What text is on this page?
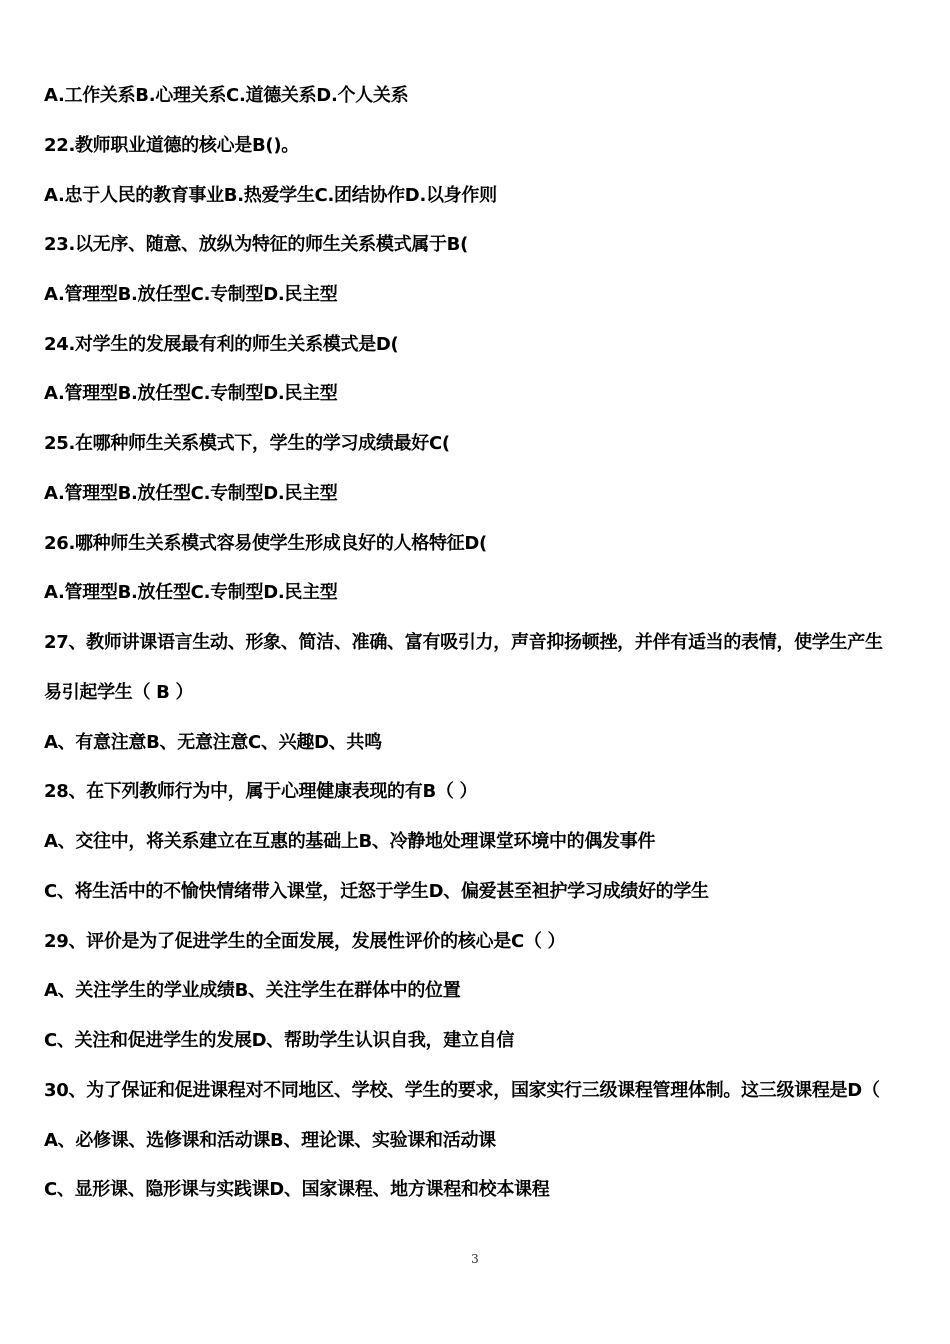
A.工作关系B.心理关系C.道德关系D.个人关系
22.教师职业道德的核心是B()。
A.忠于人民的教育事业B.热爱学生C.团结协作D.以身作则
23.以无序、随意、放纵为特征的师生关系模式属于B(
A.管理型B.放任型C.专制型D.民主型
24.对学生的发展最有利的师生关系模式是D(
A.管理型B.放任型C.专制型D.民主型
25.在哪种师生关系模式下，学生的学习成绩最好C(
A.管理型B.放任型C.专制型D.民主型
26.哪种师生关系模式容易使学生形成良好的人格特征D(
A.管理型B.放任型C.专制型D.民主型
27、教师讲课语言生动、形象、简洁、准确、富有吸引力，声音抑扬顿挫，并伴有适当的表情，使学生产生
易引起学生（ B ）
A、有意注意B、无意注意C、兴趣D、共鸣
28、在下列教师行为中，属于心理健康表现的有B（ ）
A、交往中，将关系建立在互惠的基础上B、冷静地处理课堂环境中的偶发事件
C、将生活中的不愉快情绪带入课堂，迁怒于学生D、偏爱甚至袒护学习成绩好的学生
29、评价是为了促进学生的全面发展，发展性评价的核心是C（ ）
A、关注学生的学业成绩B、关注学生在群体中的位置
C、关注和促进学生的发展D、帮助学生认识自我，建立自信
30、为了保证和促进课程对不同地区、学校、学生的要求，国家实行三级课程管理体制。这三级课程是D（
A、必修课、选修课和活动课B、理论课、实验课和活动课
C、显形课、隐形课与实践课D、国家课程、地方课程和校本课程
3
